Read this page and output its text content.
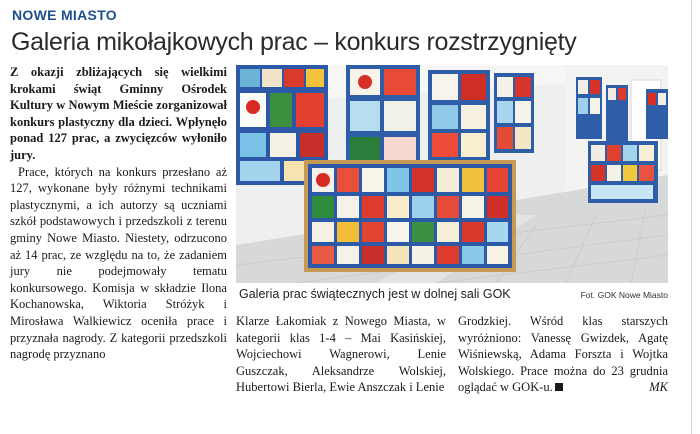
NOWE MIASTO
Galeria mikołajkowych prac – konkurs rozstrzygnięty

Z okazji zbliżających się wielkimi krokami świąt Gminny Ośrodek Kultury w Nowym Mieście zorganizował konkurs plastyczny dla dzieci. Wpłynęło ponad 127 prac, a zwycięzców wyłoniło jury.

Prace, których na konkurs przesłano aż 127, wykonane były różnymi technikami plastycznymi, a ich autorzy są uczniami szkół podstawowych i przedszkoli z terenu gminy Nowe Miasto. Niestety, odrzucono aż 14 prac, ze względu na to, że zadaniem jury nie podejmowały tematu konkursowego. Komisja w składzie Ilona Kochanowska, Wiktoria Stróżyk i Mirosława Walkiewicz oceniła prace i przyznała nagrody. Z kategorii przedszkoli nagrodę przyznano

Galeria prac świątecznych jest w dolnej sali GOK	Fot. GOK Nowe Miasto

Klarze Łakomiak z Nowego Miasta, w kategorii klas 1-4 – Mai Kasińskiej, Wojciechowi Wagnerowi, Lenie Guszczak, Aleksandrze Wolskiej, Hubertowi Bierla, Ewie Anszczak i Lenie

Grodzkiej. Wśród klas starszych wyróżniono: Vanessę Gwizdek, Agatę Wiśniewską, Adama Forszta i Wojtka Wolskiego. Prace można do 23 grudnia oglądać w GOK-u.	MK
